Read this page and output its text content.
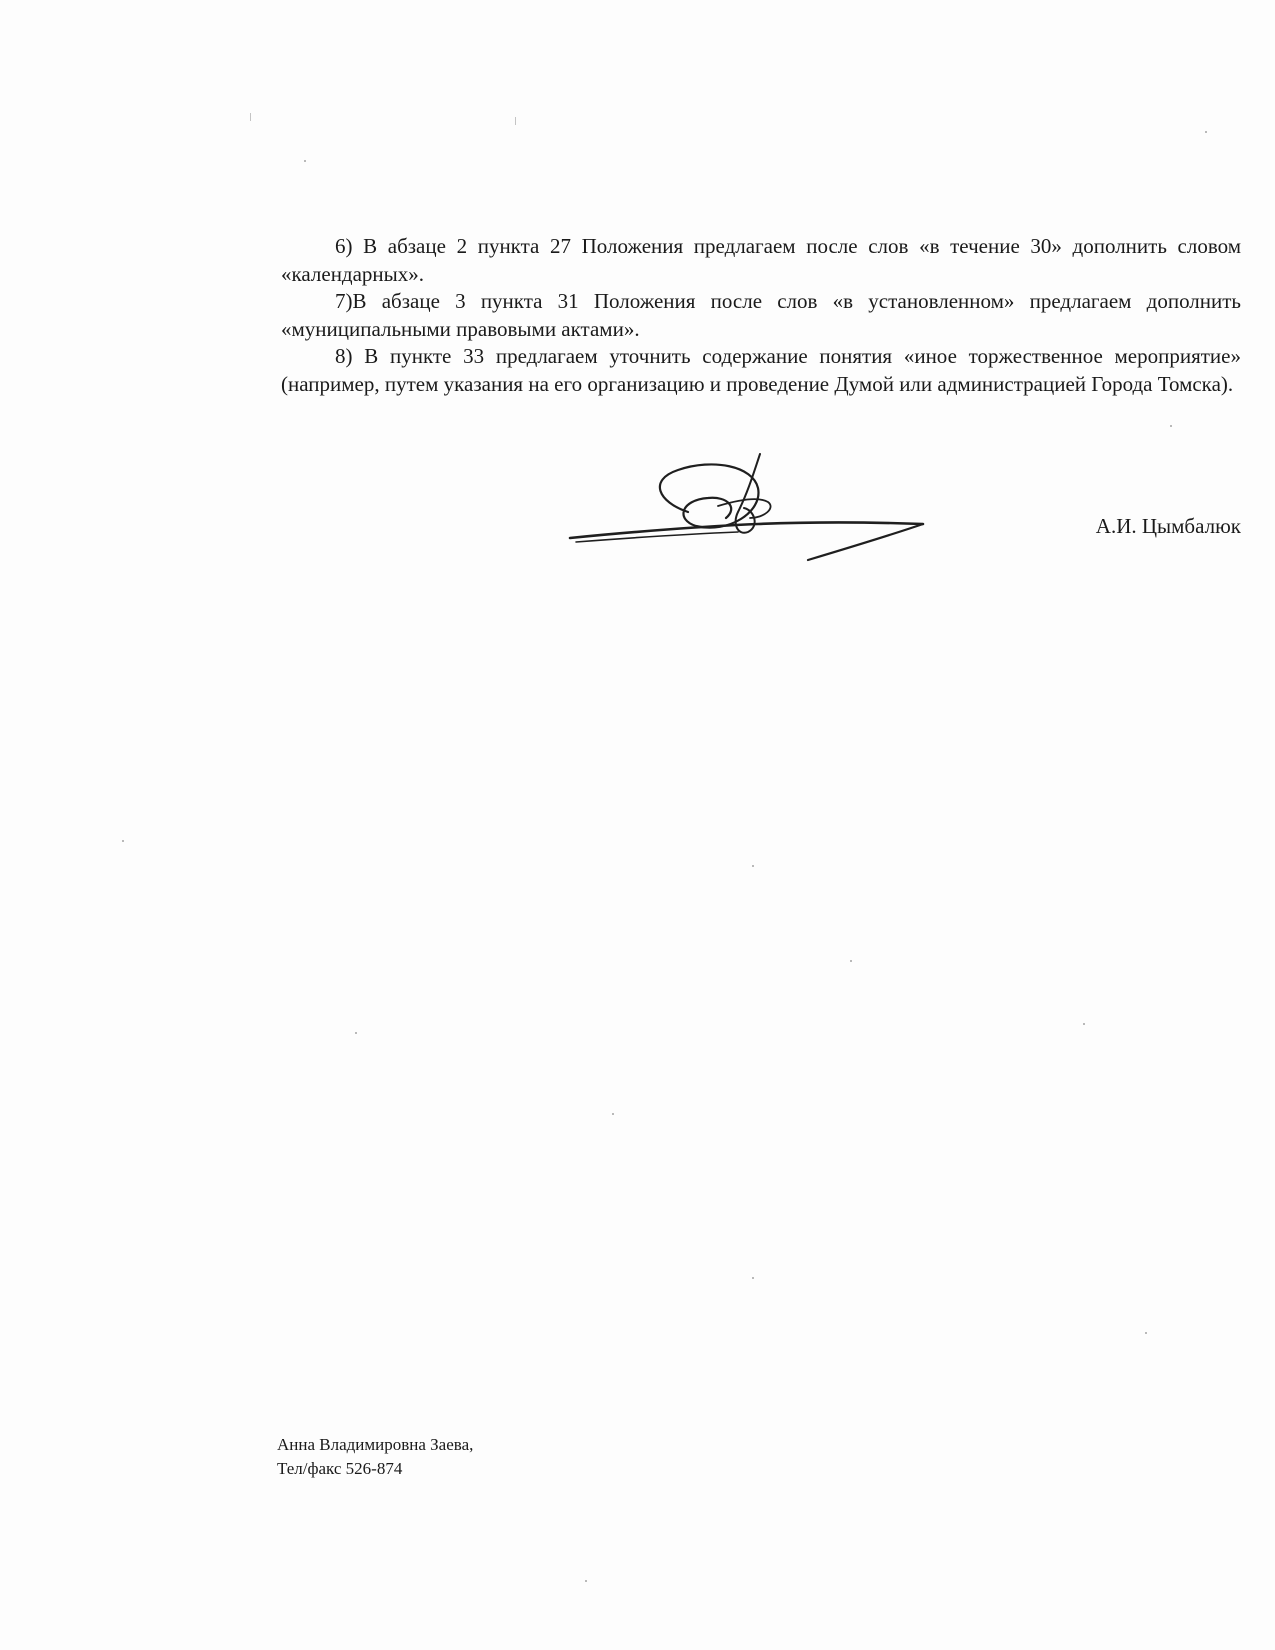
6) В абзаце 2 пункта 27 Положения предлагаем после слов «в течение 30» дополнить словом «календарных».

7)В абзаце 3 пункта 31 Положения после слов «в установленном» предлагаем дополнить «муниципальными правовыми актами».

8) В пункте 33 предлагаем уточнить содержание понятия «иное торжественное мероприятие» (например, путем указания на его организацию и проведение Думой или администрацией Города Томска).

А.И. Цымбалюк
Анна Владимировна Заева,
Тел/факс 526-874
